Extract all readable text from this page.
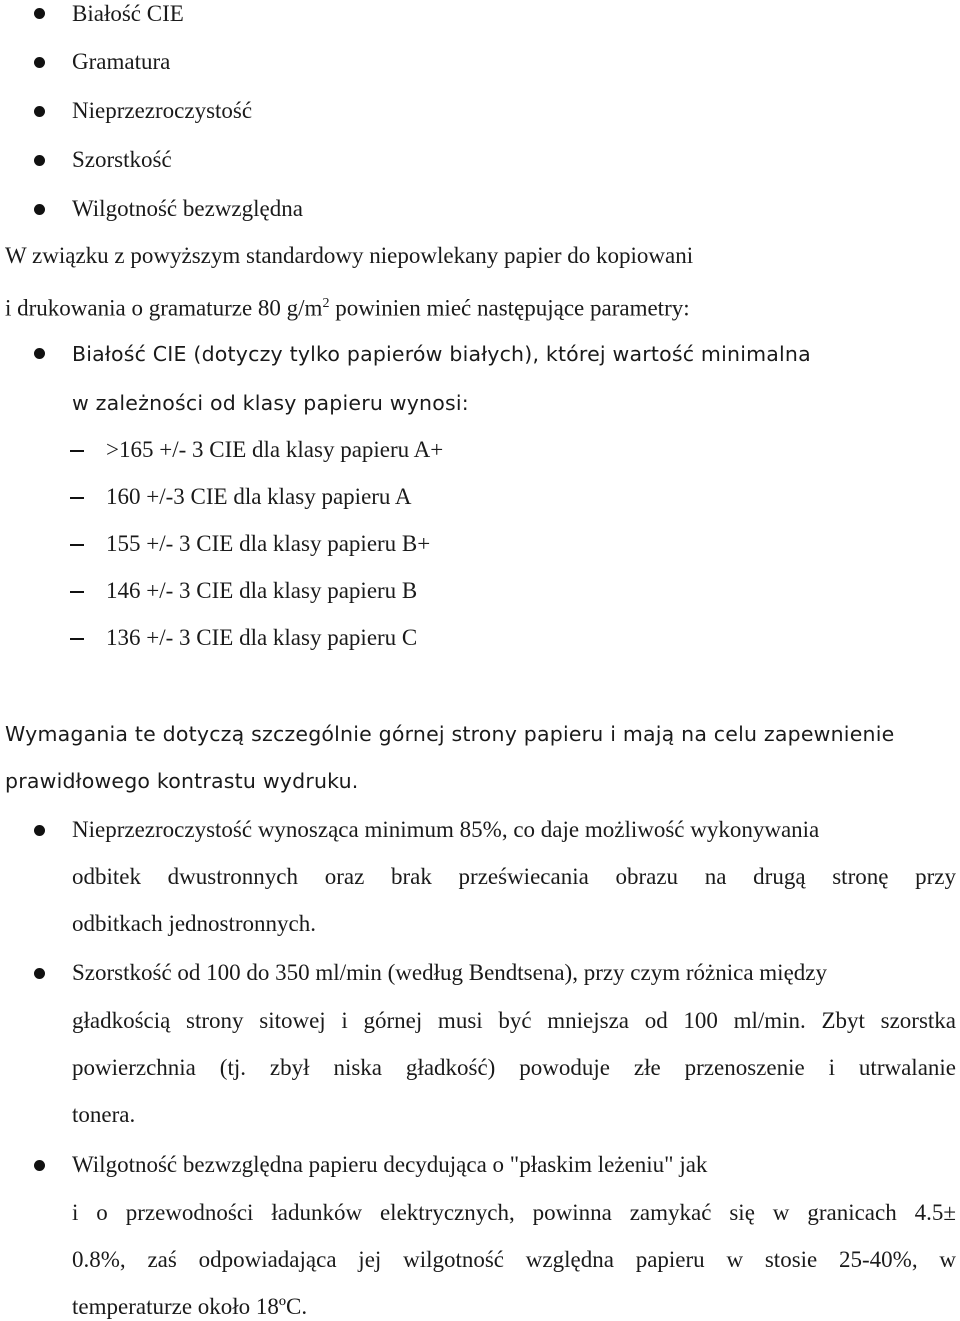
Białość CIE
Gramatura
Nieprzezroczystość
Szorstkość
Wilgotność bezwzględna
W związku z powyższym standardowy niepowlekany papier do kopiowani
i drukowania o gramaturze 80 $g/m^2$ powinien mieć następujące parametry:
Białość CIE (dotyczy tylko papierów białych), której wartość minimalna
w zależności od klasy papieru wynosi:
>165 +/- 3 CIE dla klasy papieru A+
160 +/-3 CIE dla klasy papieru A
155 +/- 3 CIE dla klasy papieru B+
146 +/- 3 CIE dla klasy papieru B
136 +/- 3 CIE dla klasy papieru C
Wymagania te dotyczą szczególnie górnej strony papieru i mają na celu zapewnienie
prawidłowego kontrastu wydruku.
Nieprzezroczystość wynosząca minimum 85%, co daje możliwość wykonywania
odbitek dwustronnych oraz brak przeświecania obrazu na drugą stronę przy
odbitkach jednostronnych.
Szorstkość od 100 do 350 ml/min (według Bendtsena), przy czym różnica między
gładkością strony sitowej i górnej musi być mniejsza od 100 ml/min. Zbyt szorstka
powierzchnia (tj. zbył niska gładkość) powoduje złe przenoszenie i utrwalanie
tonera.
Wilgotność bezwzględna papieru decydująca o "płaskim leżeniu" jak
i o przewodności ładunków elektrycznych, powinna zamykać się w granicach 4.5±
0.8%, zaś odpowiadająca jej wilgotność względna papieru w stosie 25-40%, w
temperaturze około 18ºC.
